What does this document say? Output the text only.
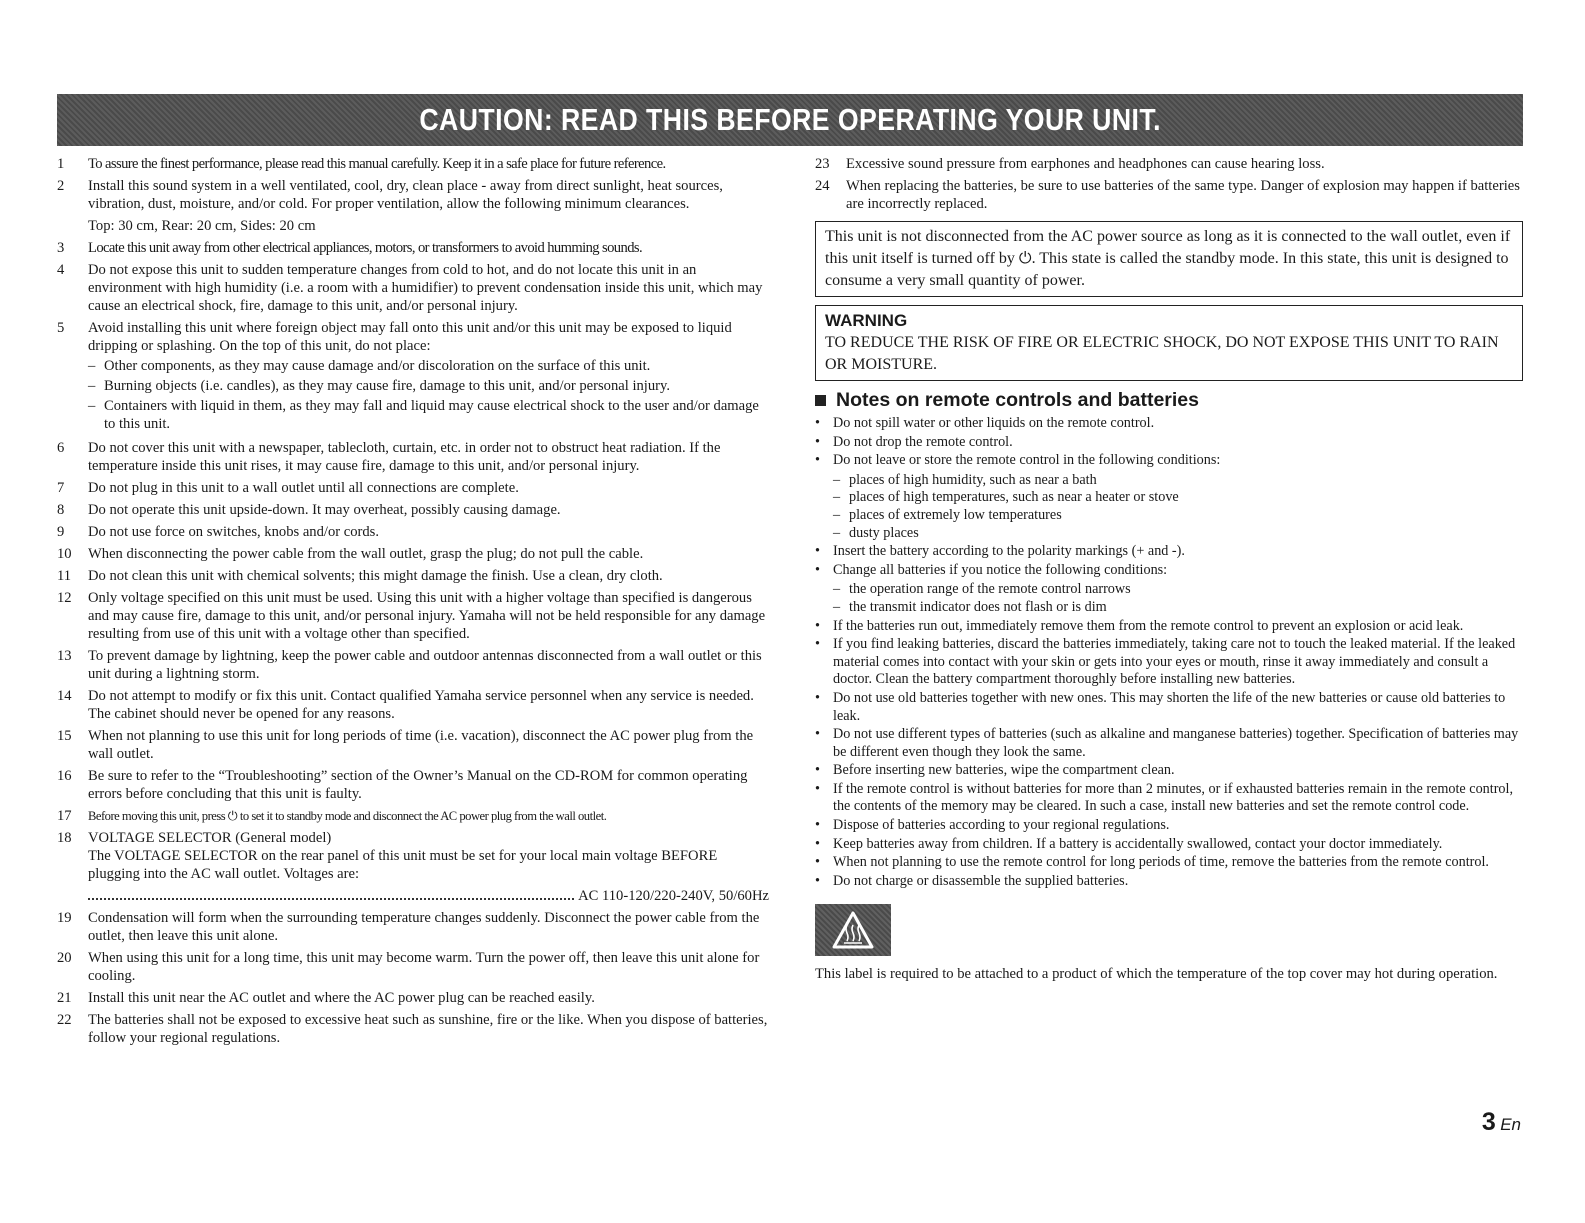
CAUTION: READ THIS BEFORE OPERATING YOUR UNIT.
1	To assure the finest performance, please read this manual carefully. Keep it in a safe place for future reference.
2	Install this sound system in a well ventilated, cool, dry, clean place - away from direct sunlight, heat sources, vibration, dust, moisture, and/or cold. For proper ventilation, allow the following minimum clearances.
Top: 30 cm, Rear: 20 cm, Sides: 20 cm
3	Locate this unit away from other electrical appliances, motors, or transformers to avoid humming sounds.
4	Do not expose this unit to sudden temperature changes from cold to hot, and do not locate this unit in an environment with high humidity (i.e. a room with a humidifier) to prevent condensation inside this unit, which may cause an electrical shock, fire, damage to this unit, and/or personal injury.
5	Avoid installing this unit where foreign object may fall onto this unit and/or this unit may be exposed to liquid dripping or splashing. On the top of this unit, do not place:
– Other components, as they may cause damage and/or discoloration on the surface of this unit.
– Burning objects (i.e. candles), as they may cause fire, damage to this unit, and/or personal injury.
– Containers with liquid in them, as they may fall and liquid may cause electrical shock to the user and/or damage to this unit.
6	Do not cover this unit with a newspaper, tablecloth, curtain, etc. in order not to obstruct heat radiation. If the temperature inside this unit rises, it may cause fire, damage to this unit, and/or personal injury.
7	Do not plug in this unit to a wall outlet until all connections are complete.
8	Do not operate this unit upside-down. It may overheat, possibly causing damage.
9	Do not use force on switches, knobs and/or cords.
10	When disconnecting the power cable from the wall outlet, grasp the plug; do not pull the cable.
11	Do not clean this unit with chemical solvents; this might damage the finish. Use a clean, dry cloth.
12	Only voltage specified on this unit must be used. Using this unit with a higher voltage than specified is dangerous and may cause fire, damage to this unit, and/or personal injury. Yamaha will not be held responsible for any damage resulting from use of this unit with a voltage other than specified.
13	To prevent damage by lightning, keep the power cable and outdoor antennas disconnected from a wall outlet or this unit during a lightning storm.
14	Do not attempt to modify or fix this unit. Contact qualified Yamaha service personnel when any service is needed. The cabinet should never be opened for any reasons.
15	When not planning to use this unit for long periods of time (i.e. vacation), disconnect the AC power plug from the wall outlet.
16	Be sure to refer to the “Troubleshooting” section of the Owner’s Manual on the CD-ROM for common operating errors before concluding that this unit is faulty.
17	Before moving this unit, press ⏻ to set it to standby mode and disconnect the AC power plug from the wall outlet.
18	VOLTAGE SELECTOR (General model)
The VOLTAGE SELECTOR on the rear panel of this unit must be set for your local main voltage BEFORE plugging into the AC wall outlet. Voltages are:
AC 110-120/220-240V, 50/60Hz
19	Condensation will form when the surrounding temperature changes suddenly. Disconnect the power cable from the outlet, then leave this unit alone.
20	When using this unit for a long time, this unit may become warm. Turn the power off, then leave this unit alone for cooling.
21	Install this unit near the AC outlet and where the AC power plug can be reached easily.
22	The batteries shall not be exposed to excessive heat such as sunshine, fire or the like. When you dispose of batteries, follow your regional regulations.
23	Excessive sound pressure from earphones and headphones can cause hearing loss.
24	When replacing the batteries, be sure to use batteries of the same type. Danger of explosion may happen if batteries are incorrectly replaced.
This unit is not disconnected from the AC power source as long as it is connected to the wall outlet, even if this unit itself is turned off by ⏻. This state is called the standby mode. In this state, this unit is designed to consume a very small quantity of power.
WARNING
TO REDUCE THE RISK OF FIRE OR ELECTRIC SHOCK, DO NOT EXPOSE THIS UNIT TO RAIN OR MOISTURE.
Notes on remote controls and batteries
• Do not spill water or other liquids on the remote control.
• Do not drop the remote control.
• Do not leave or store the remote control in the following conditions:
– places of high humidity, such as near a bath
– places of high temperatures, such as near a heater or stove
– places of extremely low temperatures
– dusty places
• Insert the battery according to the polarity markings (+ and -).
• Change all batteries if you notice the following conditions:
– the operation range of the remote control narrows
– the transmit indicator does not flash or is dim
• If the batteries run out, immediately remove them from the remote control to prevent an explosion or acid leak.
• If you find leaking batteries, discard the batteries immediately, taking care not to touch the leaked material. If the leaked material comes into contact with your skin or gets into your eyes or mouth, rinse it away immediately and consult a doctor. Clean the battery compartment thoroughly before installing new batteries.
• Do not use old batteries together with new ones. This may shorten the life of the new batteries or cause old batteries to leak.
• Do not use different types of batteries (such as alkaline and manganese batteries) together. Specification of batteries may be different even though they look the same.
• Before inserting new batteries, wipe the compartment clean.
• If the remote control is without batteries for more than 2 minutes, or if exhausted batteries remain in the remote control, the contents of the memory may be cleared. In such a case, install new batteries and set the remote control code.
• Dispose of batteries according to your regional regulations.
• Keep batteries away from children. If a battery is accidentally swallowed, contact your doctor immediately.
• When not planning to use the remote control for long periods of time, remove the batteries from the remote control.
• Do not charge or disassemble the supplied batteries.
This label is required to be attached to a product of which the temperature of the top cover may hot during operation.
3 En
